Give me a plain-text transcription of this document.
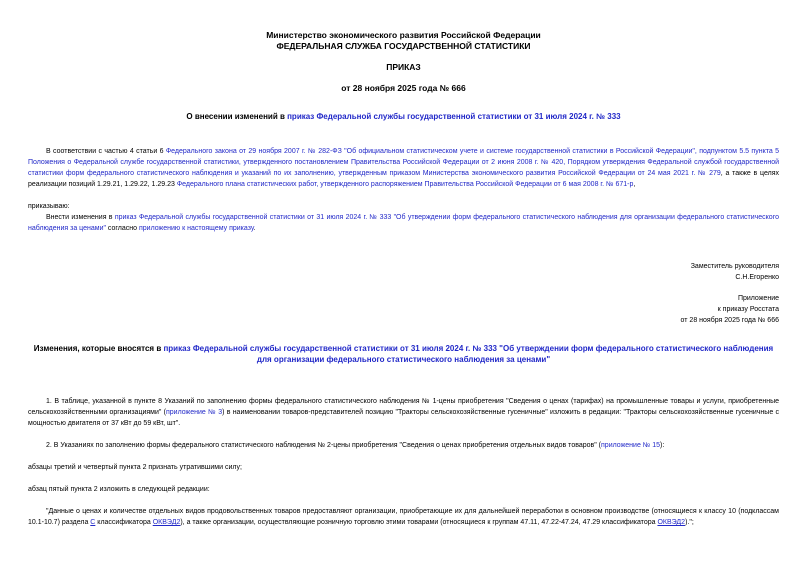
Министерство экономического развития Российской Федерации
ФЕДЕРАЛЬНАЯ СЛУЖБА ГОСУДАРСТВЕННОЙ СТАТИСТИКИ
ПРИКАЗ
от 28 ноября 2025 года № 666
О внесении изменений в приказ Федеральной службы государственной статистики от 31 июля 2024 г. № 333

В соответствии с частью 4 статьи 6 Федерального закона от 29 ноября 2007 г. № 282-ФЗ "Об официальном статистическом учете и системе государственной статистики в Российской Федерации", подпунктом 5.5 пункта 5 Положения о Федеральной службе государственной статистики, утвержденного постановлением Правительства Российской Федерации от 2 июня 2008 г. № 420, Порядком утверждения Федеральной службой государственной статистики форм федерального статистического наблюдения и указаний по их заполнению, утвержденным приказом Министерства экономического развития Российской Федерации от 24 мая 2021 г. № 279, а также в целях реализации позиций 1.29.21, 1.29.22, 1.29.23 Федерального плана статистических работ, утвержденного распоряжением Правительства Российской Федерации от 6 мая 2008 г. № 671-р,

приказываю:

Внести изменения в приказ Федеральной службы государственной статистики от 31 июля 2024 г. № 333 "Об утверждении форм федерального статистического наблюдения для организации федерального статистического наблюдения за ценами" согласно приложению к настоящему приказу.

Заместитель руководителя
С.Н.Егоренко
Приложение
к приказу Росстата
от 28 ноября 2025 года № 666
Изменения, которые вносятся в приказ Федеральной службы государственной статистики от 31 июля 2024 г. № 333 "Об утверждении форм федерального статистического наблюдения для организации федерального статистического наблюдения за ценами"

1. В таблице, указанной в пункте 8 Указаний по заполнению формы федерального статистического наблюдения № 1-цены приобретения "Сведения о ценах (тарифах) на промышленные товары и услуги, приобретенные сельскохозяйственными организациями" (приложение № 3) в наименовании товаров-представителей позицию "Тракторы сельскохозяйственные гусеничные" изложить в редакции: "Тракторы сельскохозяйственные гусеничные с мощностью двигателя от 37 кВт до 59 кВт, шт".

2. В Указаниях по заполнению формы федерального статистического наблюдения № 2-цены приобретения "Сведения о ценах приобретения отдельных видов товаров" (приложение № 15):

абзацы третий и четвертый пункта 2 признать утратившими силу;
абзац пятый пункта 2 изложить в следующей редакции:

"Данные о ценах и количестве отдельных видов продовольственных товаров предоставляют организации, приобретающие их для дальнейшей переработки в основном производстве (относящиеся к классу 10 (подклассам 10.1-10.7) раздела С классификатора ОКВЭД2), а также организации, осуществляющие розничную торговлю этими товарами (относящиеся к группам 47.11, 47.22-47.24, 47.29 классификатора ОКВЭД2).";
